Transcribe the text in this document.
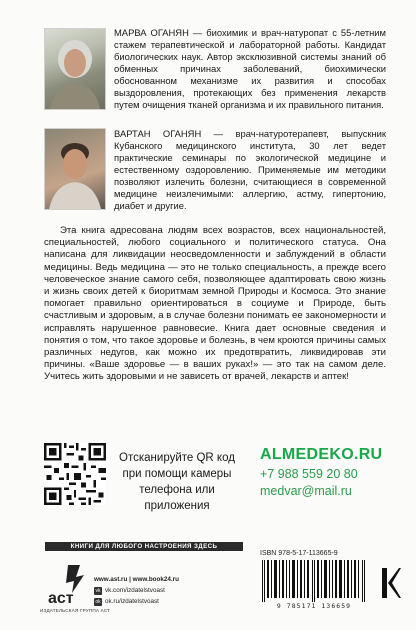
МАРВА ОГАНЯН — биохимик и врач-натуропат с 55-летним стажем терапевтической и лабораторной работы. Кандидат биологических наук. Автор эксклюзивной системы знаний об обменных причинах заболеваний, биохимически обоснованном механизме их развития и способах выздоровления, протекающих без применения лекарств путем очищения тканей организма и их правильного питания.
ВАРТАН ОГАНЯН — врач-натуротерапевт, выпускник Кубанского медицинского института, 30 лет ведет практические семинары по экологической медицине и естественному оздоровлению. Применяемые им методики позволяют излечить болезни, считающиеся в современной медицине неизлечимыми: аллергию, астму, гипертонию, диабет и другие.
Эта книга адресована людям всех возрастов, всех национальностей, специальностей, любого социального и политического статуса. Она написана для ликвидации неосведомленности и заблуждений в области медицины. Ведь медицина — это не только специальность, а прежде всего человеческое знание самого себя, позволяющее адаптировать свою жизнь и жизнь своих детей к биоритмам земной Природы и Космоса. Это знание помогает правильно ориентироваться в социуме и Природе, быть счастливым и здоровым, а в случае болезни понимать ее закономерности и исправлять нарушенное равновесие. Книга дает основные сведения и понятия о том, что такое здоровье и болезнь, в чем кроются причины самых различных недугов, как можно их предотвратить, ликвидировав эти причины. «Ваше здоровье — в ваших руках!» — это так на самом деле. Учитесь жить здоровыми и не зависеть от врачей, лекарств и аптек!
Отсканируйте QR код при помощи камеры телефона или приложения
ALMEDEKO.RU
+7 988 559 20 80
medvar@mail.ru
КНИГИ ДЛЯ ЛЮБОГО НАСТРОЕНИЯ ЗДЕСЬ
аст
ИЗДАТЕЛЬСКАЯ ГРУППА АСТ
www.ast.ru | www.book24.ru
vk vk.com/izdatelstvoast
ok ok.ru/izdatelstvoast
ISBN 978-5-17-113665-9
9 785171 136659
